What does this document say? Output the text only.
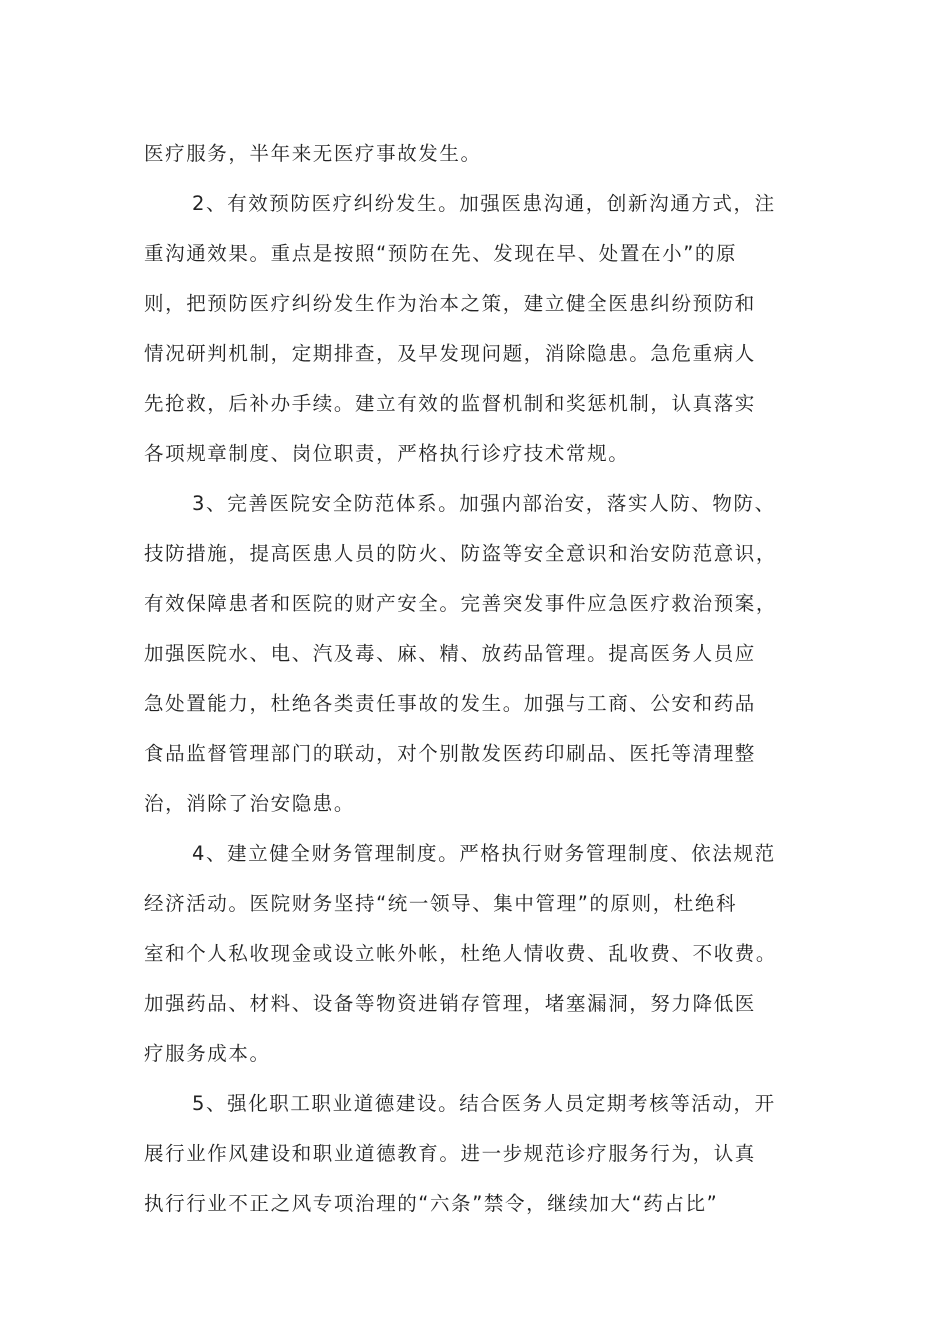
医疗服务，半年来无医疗事故发生。
2、有效预防医疗纠纷发生。加强医患沟通，创新沟通方式，注
重沟通效果。重点是按照“预防在先、发现在早、处置在小”的原
则，把预防医疗纠纷发生作为治本之策，建立健全医患纠纷预防和
情况研判机制，定期排查，及早发现问题，消除隐患。急危重病人
先抢救，后补办手续。建立有效的监督机制和奖惩机制，认真落实
各项规章制度、岗位职责，严格执行诊疗技术常规。
3、完善医院安全防范体系。加强内部治安，落实人防、物防、
技防措施，提高医患人员的防火、防盗等安全意识和治安防范意识，
有效保障患者和医院的财产安全。完善突发事件应急医疗救治预案，
加强医院水、电、汽及毒、麻、精、放药品管理。提高医务人员应
急处置能力，杜绝各类责任事故的发生。加强与工商、公安和药品
食品监督管理部门的联动，对个别散发医药印刷品、医托等清理整
治，消除了治安隐患。
4、建立健全财务管理制度。严格执行财务管理制度、依法规范
经济活动。医院财务坚持“统一领导、集中管理”的原则，杜绝科
室和个人私收现金或设立帐外帐，杜绝人情收费、乱收费、不收费。
加强药品、材料、设备等物资进销存管理，堵塞漏洞，努力降低医
疗服务成本。
5、强化职工职业道德建设。结合医务人员定期考核等活动，开
展行业作风建设和职业道德教育。进一步规范诊疗服务行为，认真
执行行业不正之风专项治理的“六条”禁令，继续加大“药占比”
